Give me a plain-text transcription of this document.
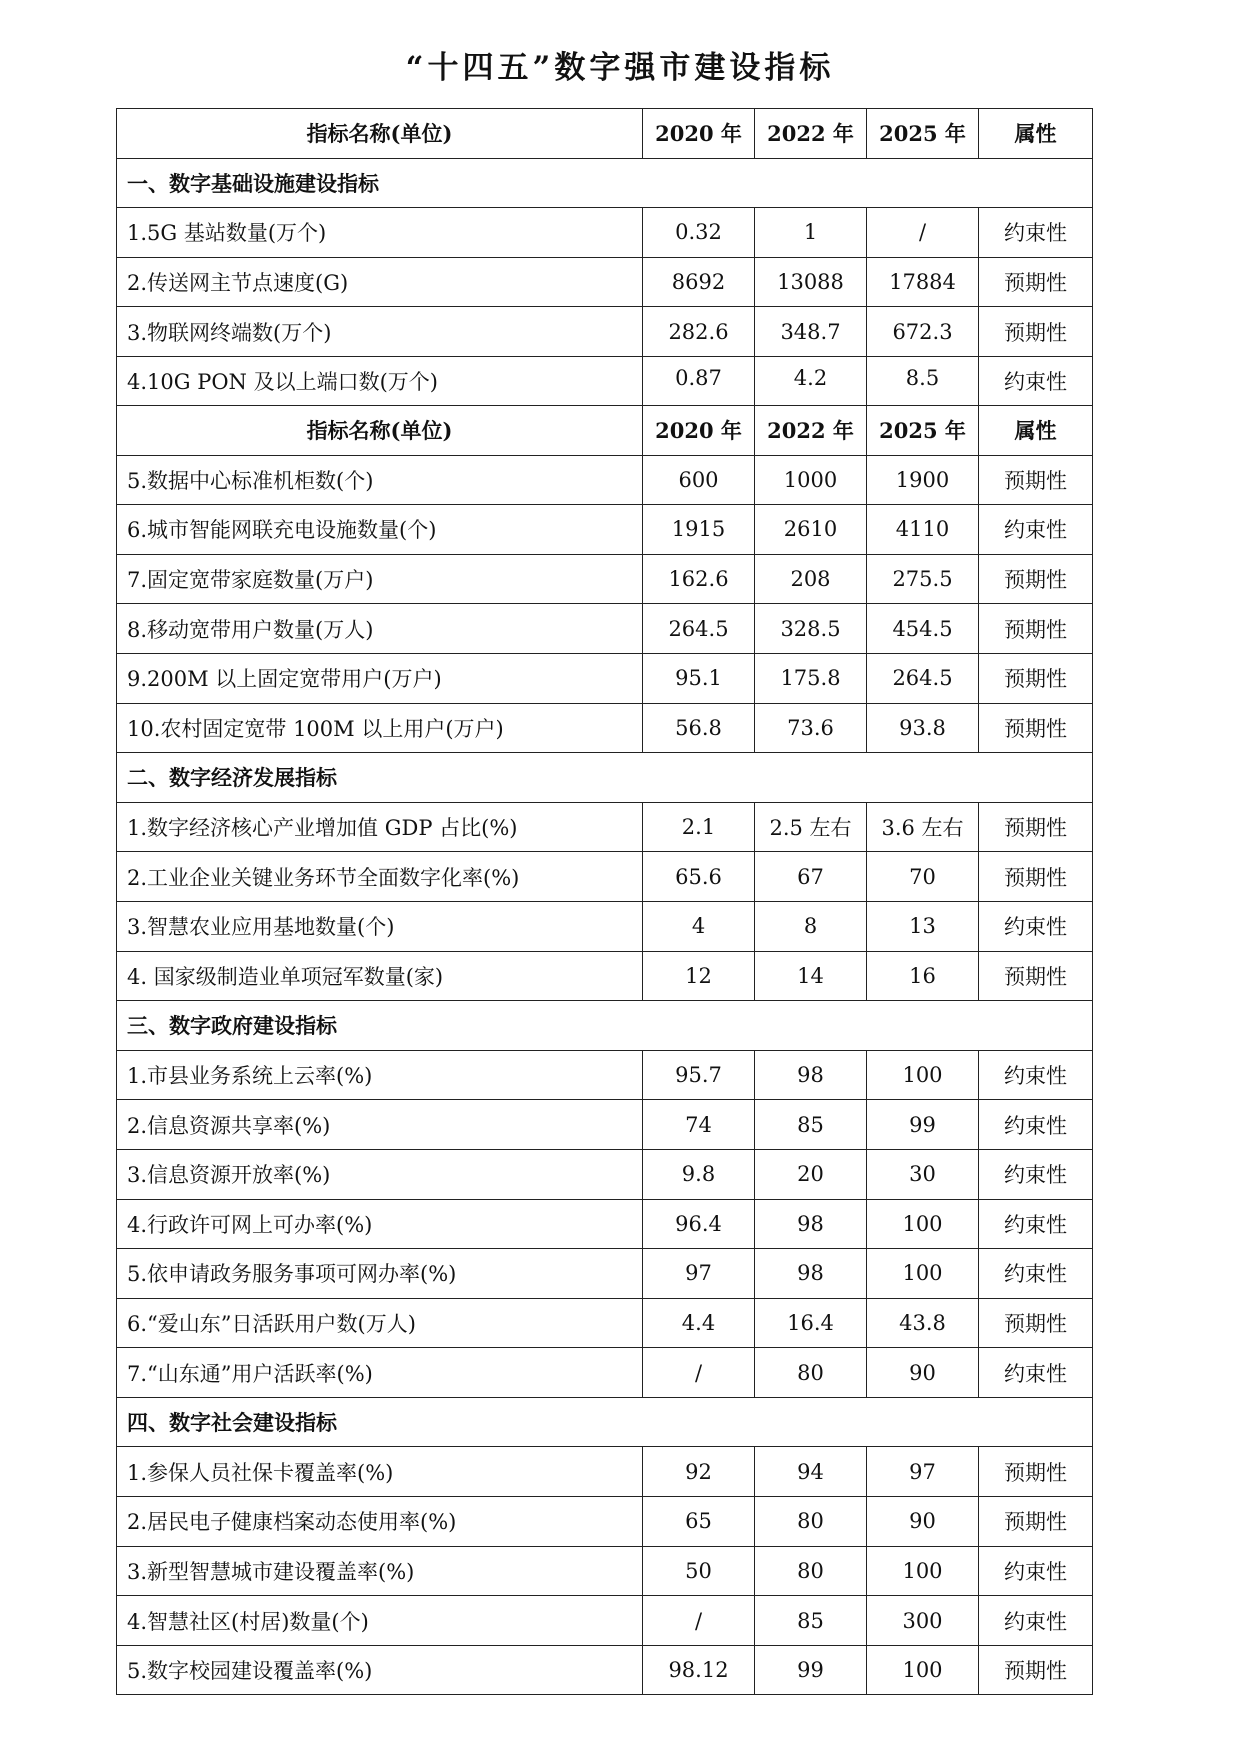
“十四五”数字强市建设指标
指标名称(单位)	2020 年	2022 年	2025 年	属性
一、数字基础设施建设指标				
1.5G 基站数量(万个)	0.32	1	/	约束性
2.传送网主节点速度(G)	8692	13088	17884	预期性
3.物联网终端数(万个)	282.6	348.7	672.3	预期性
4.10G PON 及以上端口数(万个)	0.87	4.2	8.5	约束性
指标名称(单位)	2020 年	2022 年	2025 年	属性
5.数据中心标准机柜数(个)	600	1000	1900	预期性
6.城市智能网联充电设施数量(个)	1915	2610	4110	约束性
7.固定宽带家庭数量(万户)	162.6	208	275.5	预期性
8.移动宽带用户数量(万人)	264.5	328.5	454.5	预期性
9.200M 以上固定宽带用户(万户)	95.1	175.8	264.5	预期性
10.农村固定宽带 100M 以上用户(万户)	56.8	73.6	93.8	预期性
二、数字经济发展指标				
1.数字经济核心产业增加值 GDP 占比(%)	2.1	2.5 左右	3.6 左右	预期性
2.工业企业关键业务环节全面数字化率(%)	65.6	67	70	预期性
3.智慧农业应用基地数量(个)	4	8	13	约束性
4. 国家级制造业单项冠军数量(家)	12	14	16	预期性
三、数字政府建设指标				
1.市县业务系统上云率(%)	95.7	98	100	约束性
2.信息资源共享率(%)	74	85	99	约束性
3.信息资源开放率(%)	9.8	20	30	约束性
4.行政许可网上可办率(%)	96.4	98	100	约束性
5.依申请政务服务事项可网办率(%)	97	98	100	约束性
6.“爱山东”日活跃用户数(万人)	4.4	16.4	43.8	预期性
7.“山东通”用户活跃率(%)	/	80	90	约束性
四、数字社会建设指标				
1.参保人员社保卡覆盖率(%)	92	94	97	预期性
2.居民电子健康档案动态使用率(%)	65	80	90	预期性
3.新型智慧城市建设覆盖率(%)	50	80	100	约束性
4.智慧社区(村居)数量(个)	/	85	300	约束性
5.数字校园建设覆盖率(%)	98.12	99	100	预期性
